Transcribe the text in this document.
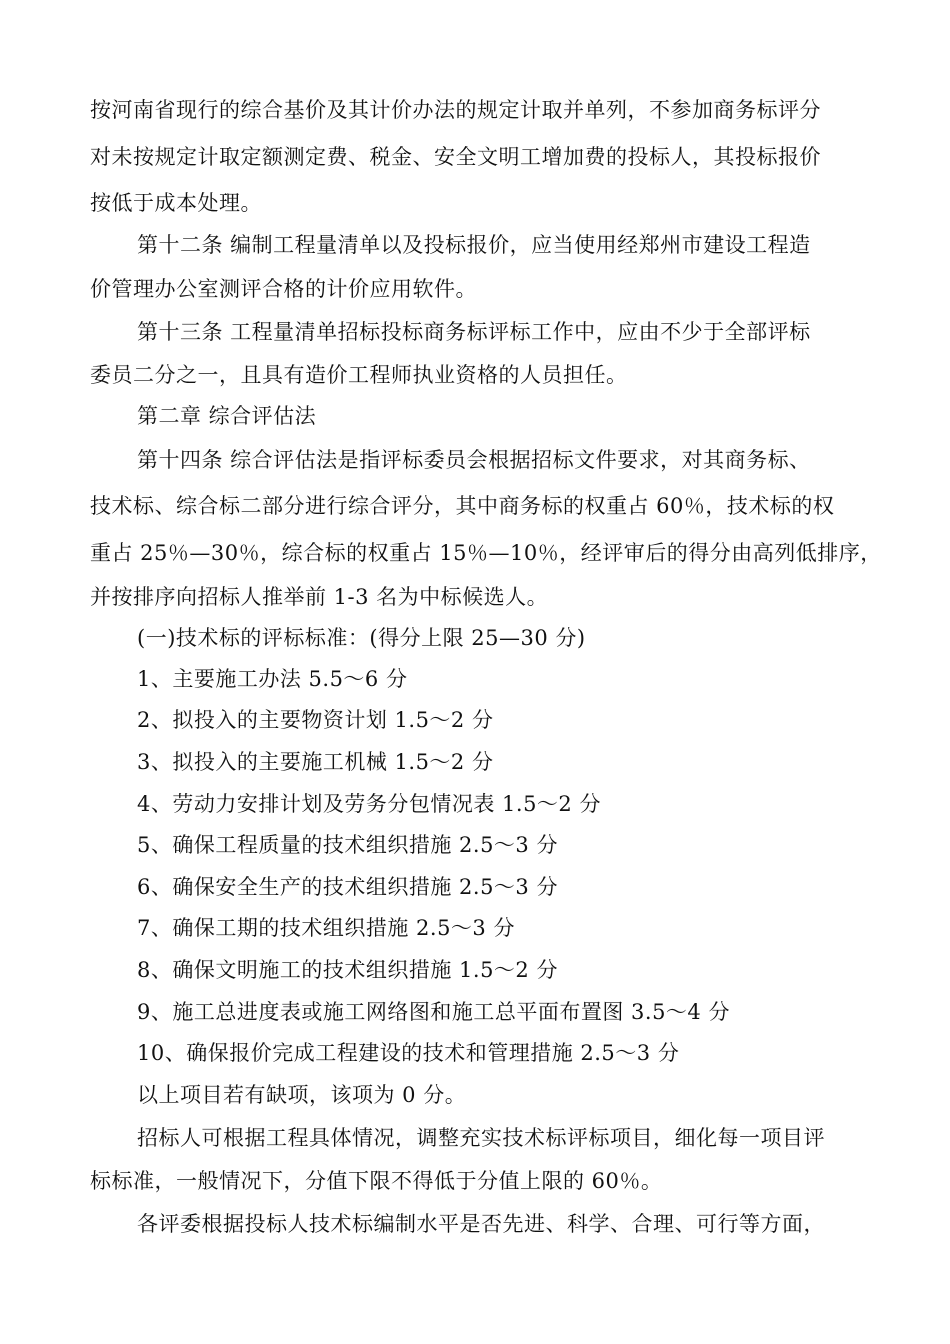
按河南省现行的综合基价及其计价办法的规定计取并单列，不参加商务标评分
对未按规定计取定额测定费、税金、安全文明工增加费的投标人，其投标报价
按低于成本处理。
第十二条 编制工程量清单以及投标报价，应当使用经郑州市建设工程造
价管理办公室测评合格的计价应用软件。
第十三条 工程量清单招标投标商务标评标工作中，应由不少于全部评标
委员二分之一，且具有造价工程师执业资格的人员担任。
第二章 综合评估法
第十四条 综合评估法是指评标委员会根据招标文件要求，对其商务标、
技术标、综合标二部分进行综合评分，其中商务标的权重占 60％，技术标的权
重占 25％—30％，综合标的权重占 15％—10％，经评审后的得分由高列低排序，
并按排序向招标人推举前 1-3 名为中标候选人。
(一)技术标的评标标准：(得分上限 25—30 分)
1、主要施工办法 5.5～6 分
2、拟投入的主要物资计划 1.5～2 分
3、拟投入的主要施工机械 1.5～2 分
4、劳动力安排计划及劳务分包情况表 1.5～2 分
5、确保工程质量的技术组织措施 2.5～3 分
6、确保安全生产的技术组织措施 2.5～3 分
7、确保工期的技术组织措施 2.5～3 分
8、确保文明施工的技术组织措施 1.5～2 分
9、施工总进度表或施工网络图和施工总平面布置图 3.5～4 分
10、确保报价完成工程建设的技术和管理措施 2.5～3 分
以上项目若有缺项，该项为 0 分。
招标人可根据工程具体情况，调整充实技术标评标项目，细化每一项目评
标标准，一般情况下，分值下限不得低于分值上限的 60％。
各评委根据投标人技术标编制水平是否先进、科学、合理、可行等方面，
